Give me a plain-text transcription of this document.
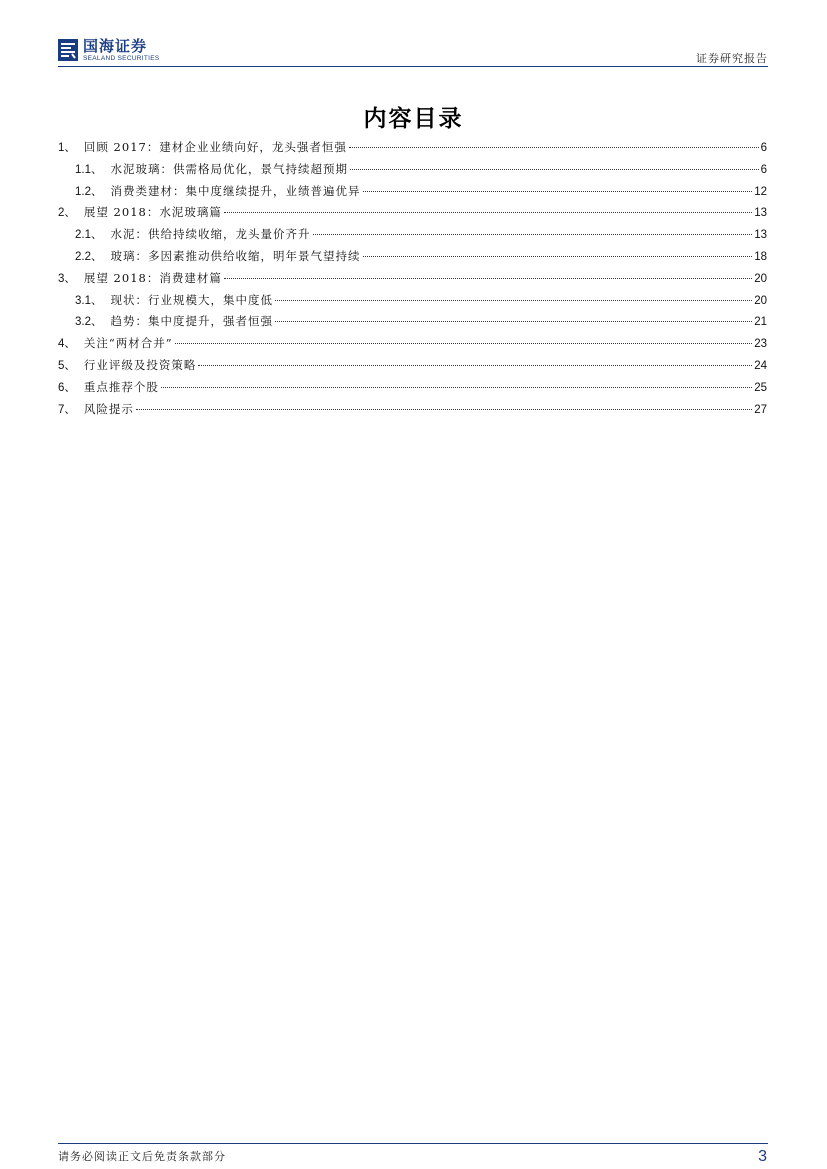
国海证券
SEALAND SECURITIES	证券研究报告
内容目录
1、 回顾 2017：建材企业业绩向好，龙头强者恒强	6
1.1、 水泥玻璃：供需格局优化，景气持续超预期	6
1.2、 消费类建材：集中度继续提升，业绩普遍优异	12
2、 展望 2018：水泥玻璃篇	13
2.1、 水泥：供给持续收缩，龙头量价齐升	13
2.2、 玻璃：多因素推动供给收缩，明年景气望持续	18
3、 展望 2018：消费建材篇	20
3.1、 现状：行业规模大，集中度低	20
3.2、 趋势：集中度提升，强者恒强	21
4、 关注“两材合并”	23
5、 行业评级及投资策略	24
6、 重点推荐个股	25
7、 风险提示	27
请务必阅读正文后免责条款部分	3
